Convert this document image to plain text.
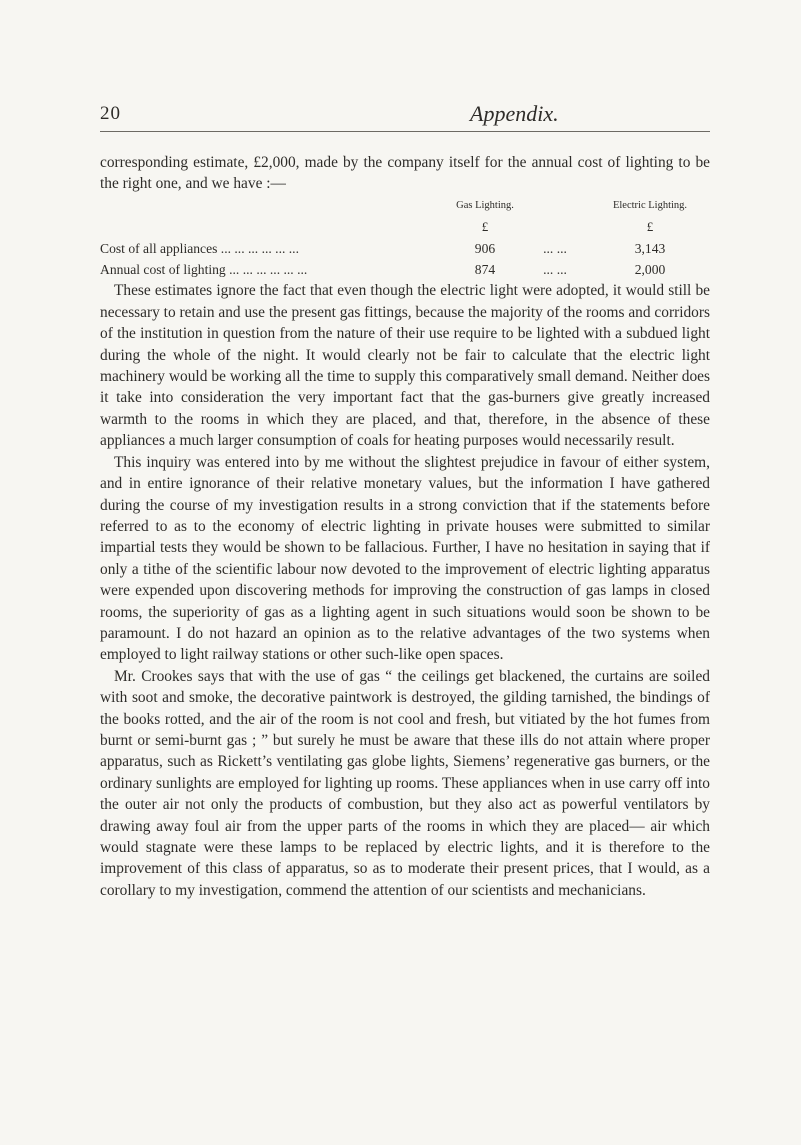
20	Appendix.

corresponding estimate, £2,000, made by the company itself for the annual cost of lighting to be the right one, and we have :—

	Gas Lighting.		Electric Lighting.
	£		£
Cost of all appliances ... ... ... ... ... ...	906	... ...	3,143
Annual cost of lighting ... ... ... ... ... ...	874	... ...	2,000

These estimates ignore the fact that even though the electric light were adopted, it would still be necessary to retain and use the present gas fittings, because the majority of the rooms and corridors of the institution in question from the nature of their use require to be lighted with a subdued light during the whole of the night. It would clearly not be fair to calculate that the electric light machinery would be working all the time to supply this comparatively small demand. Neither does it take into consideration the very important fact that the gas-burners give greatly increased warmth to the rooms in which they are placed, and that, therefore, in the absence of these appliances a much larger consumption of coals for heating purposes would necessarily result.

This inquiry was entered into by me without the slightest prejudice in favour of either system, and in entire ignorance of their relative monetary values, but the information I have gathered during the course of my investigation results in a strong conviction that if the statements before referred to as to the economy of electric lighting in private houses were submitted to similar impartial tests they would be shown to be fallacious. Further, I have no hesitation in saying that if only a tithe of the scientific labour now devoted to the improvement of electric lighting apparatus were expended upon discovering methods for improving the construction of gas lamps in closed rooms, the superiority of gas as a lighting agent in such situations would soon be shown to be paramount. I do not hazard an opinion as to the relative advantages of the two systems when employed to light railway stations or other such-like open spaces.

Mr. Crookes says that with the use of gas “ the ceilings get blackened, the curtains are soiled with soot and smoke, the decorative paintwork is destroyed, the gilding tarnished, the bindings of the books rotted, and the air of the room is not cool and fresh, but vitiated by the hot fumes from burnt or semi-burnt gas ; ” but surely he must be aware that these ills do not attain where proper apparatus, such as Rickett’s ventilating gas globe lights, Siemens’ regenerative gas burners, or the ordinary sunlights are employed for lighting up rooms. These appliances when in use carry off into the outer air not only the products of combustion, but they also act as powerful ventilators by drawing away foul air from the upper parts of the rooms in which they are placed— air which would stagnate were these lamps to be replaced by electric lights, and it is therefore to the improvement of this class of apparatus, so as to moderate their present prices, that I would, as a corollary to my investigation, commend the attention of our scientists and mechanicians.
